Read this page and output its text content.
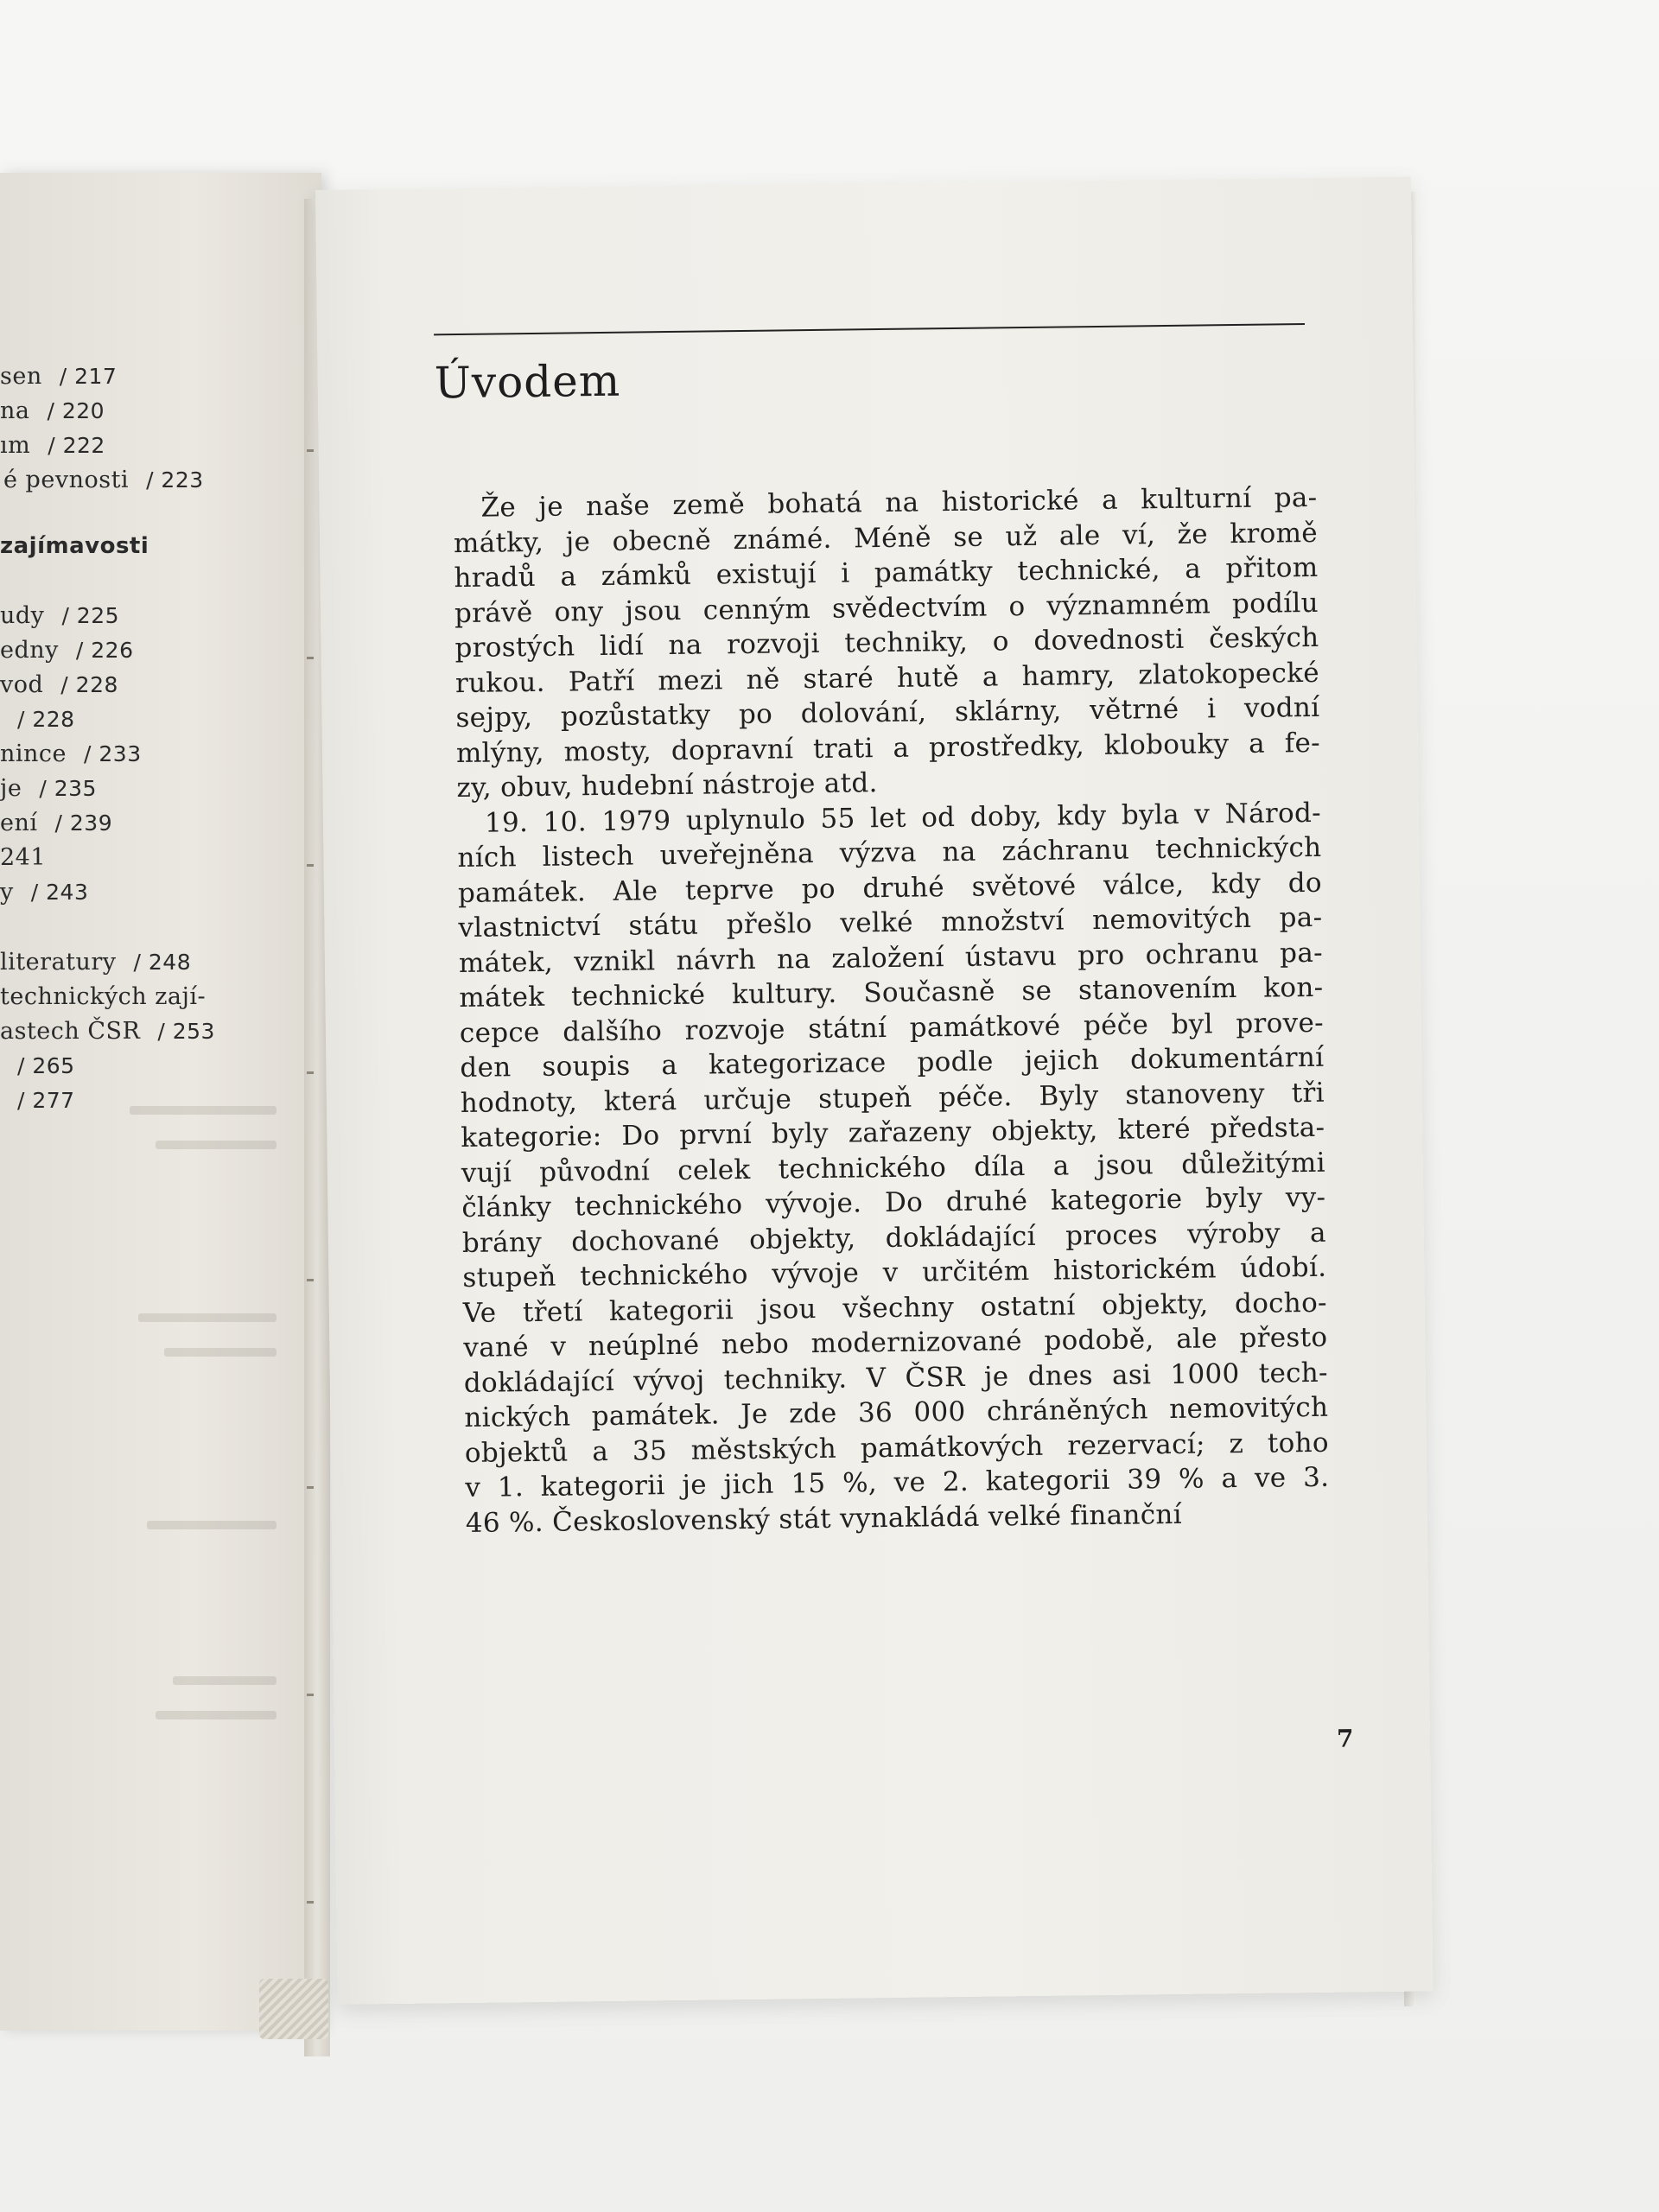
sen / 217
na / 220
ım / 222
é pevnosti / 223
zajímavosti
udy / 225
edny / 226
vod / 228
/ 228
nince / 233
je / 235
ení / 239
241
y / 243
literatury / 248
technických zají-
astech ČSR / 253
/ 265
/ 277
Úvodem
Že je naše země bohatá na historické a kulturní pa-
mátky, je obecně známé. Méně se už ale ví, že kromě
hradů a zámků existují i památky technické, a přitom
právě ony jsou cenným svědectvím o významném podílu
prostých lidí na rozvoji techniky, o dovednosti českých
rukou. Patří mezi ně staré hutě a hamry, zlatokopecké
sejpy, pozůstatky po dolování, sklárny, větrné i vodní
mlýny, mosty, dopravní trati a prostředky, klobouky a fe-
zy, obuv, hudební nástroje atd.
19. 10. 1979 uplynulo 55 let od doby, kdy byla v Národ-
ních listech uveřejněna výzva na záchranu technických
památek. Ale teprve po druhé světové válce, kdy do
vlastnictví státu přešlo velké množství nemovitých pa-
mátek, vznikl návrh na založení ústavu pro ochranu pa-
mátek technické kultury. Současně se stanovením kon-
cepce dalšího rozvoje státní památkové péče byl prove-
den soupis a kategorizace podle jejich dokumentární
hodnoty, která určuje stupeň péče. Byly stanoveny tři
kategorie: Do první byly zařazeny objekty, které předsta-
vují původní celek technického díla a jsou důležitými
články technického vývoje. Do druhé kategorie byly vy-
brány dochované objekty, dokládající proces výroby a
stupeň technického vývoje v určitém historickém údobí.
Ve třetí kategorii jsou všechny ostatní objekty, docho-
vané v neúplné nebo modernizované podobě, ale přesto
dokládající vývoj techniky. V ČSR je dnes asi 1000 tech-
nických památek. Je zde 36 000 chráněných nemovitých
objektů a 35 městských památkových rezervací; z toho
v 1. kategorii je jich 15 %, ve 2. kategorii 39 % a ve 3.
46 %. Československý stát vynakládá velké finanční
7
